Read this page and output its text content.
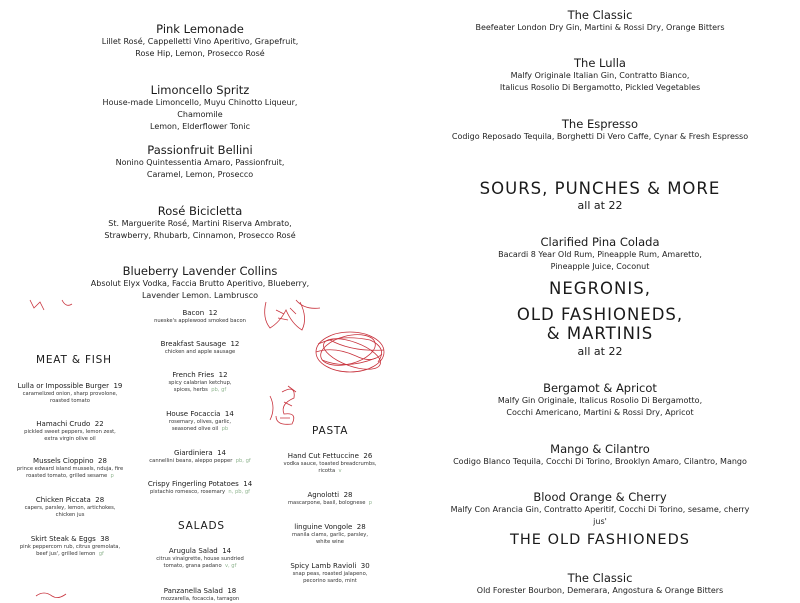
Pink Lemonade
Lillet Rosé, Cappelletti Vino Aperitivo, Grapefruit,
Rose Hip, Lemon, Prosecco Rosé
Limoncello Spritz
House-made Limoncello, Muyu Chinotto Liqueur, Chamomile
Lemon, Elderflower Tonic
Passionfruit Bellini
Nonino Quintessentia Amaro, Passionfruit,
Caramel, Lemon, Prosecco
Rosé Bicicletta
St. Marguerite Rosé, Martini Riserva Ambrato,
Strawberry, Rhubarb, Cinnamon, Prosecco Rosé
Blueberry Lavender Collins
Absolut Elyx Vodka, Faccia Brutto Aperitivo, Blueberry,
Lavender Lemon. Lambrusco
The Classic
Beefeater London Dry Gin, Martini & Rossi Dry, Orange Bitters
The Lulla
Malfy Originale Italian Gin, Contratto Bianco,
Italicus Rosolio Di Bergamotto, Pickled Vegetables
The Espresso
Codigo Reposado Tequila, Borghetti Di Vero Caffe, Cynar & Fresh Espresso
SOURS, PUNCHES & MORE
all at 22
Clarified Pina Colada
Bacardi 8 Year Old Rum, Pineapple Rum, Amaretto,
Pineapple Juice, Coconut
NEGRONIS,
OLD FASHIONEDS,
& MARTINIS
all at 22
Bergamot & Apricot
Malfy Gin Originale, Italicus Rosolio Di Bergamotto,
Cocchi Americano, Martini & Rossi Dry, Apricot
Mango & Cilantro
Codigo Blanco Tequila, Cocchi Di Torino, Brooklyn Amaro, Cilantro, Mango
Blood Orange & Cherry
Malfy Con Arancia Gin, Contratto Aperitif, Cocchi Di Torino, sesame, cherry jus'
THE OLD FASHIONEDS
The Classic
Old Forester Bourbon, Demerara, Angostura & Orange Bitters
MEAT & FISH
Lulla or Impossible Burger 19
caramelized onion, sharp provolone,
roasted tomato
Hamachi Crudo 22
pickled sweet peppers, lemon zest,
extra virgin olive oil
Mussels Cioppino 28
prince edward island mussels, nduja, fire
roasted tomato, grilled sesame p
Chicken Piccata 28
capers, parsley, lemon, artichokes,
chicken jus
Skirt Steak & Eggs 38
pink peppercorn rub, citrus gremolata,
beef jus', grilled lemon gf
Bacon 12
nueske's applewood smoked bacon
Breakfast Sausage 12
chicken and apple sausage
French Fries 12
spicy calabrian ketchup,
spices, herbs pb, gf
House Focaccia 14
rosemary, olives, garlic,
seasoned olive oil pb
Giardiniera 14
cannellini beans, aleppo pepper pb, gf
Crispy Fingerling Potatoes 14
pistachio romesco, rosemary n, pb, gf
SALADS
Arugula Salad 14
citrus vinaigrette, house sundried
tomato, grana padano v, gf
Panzanella Salad 18
mozzarella, focaccia, tarragon
PASTA
Hand Cut Fettuccine 26
vodka sauce, toasted breadcrumbs,
ricotta v
Agnolotti 28
mascarpone, basil, bolognese p
linguine Vongole 28
manila clams, garlic, parsley,
white wine
Spicy Lamb Ravioli 30
snap peas, roasted jalapeno,
pecorino sardo, mint
